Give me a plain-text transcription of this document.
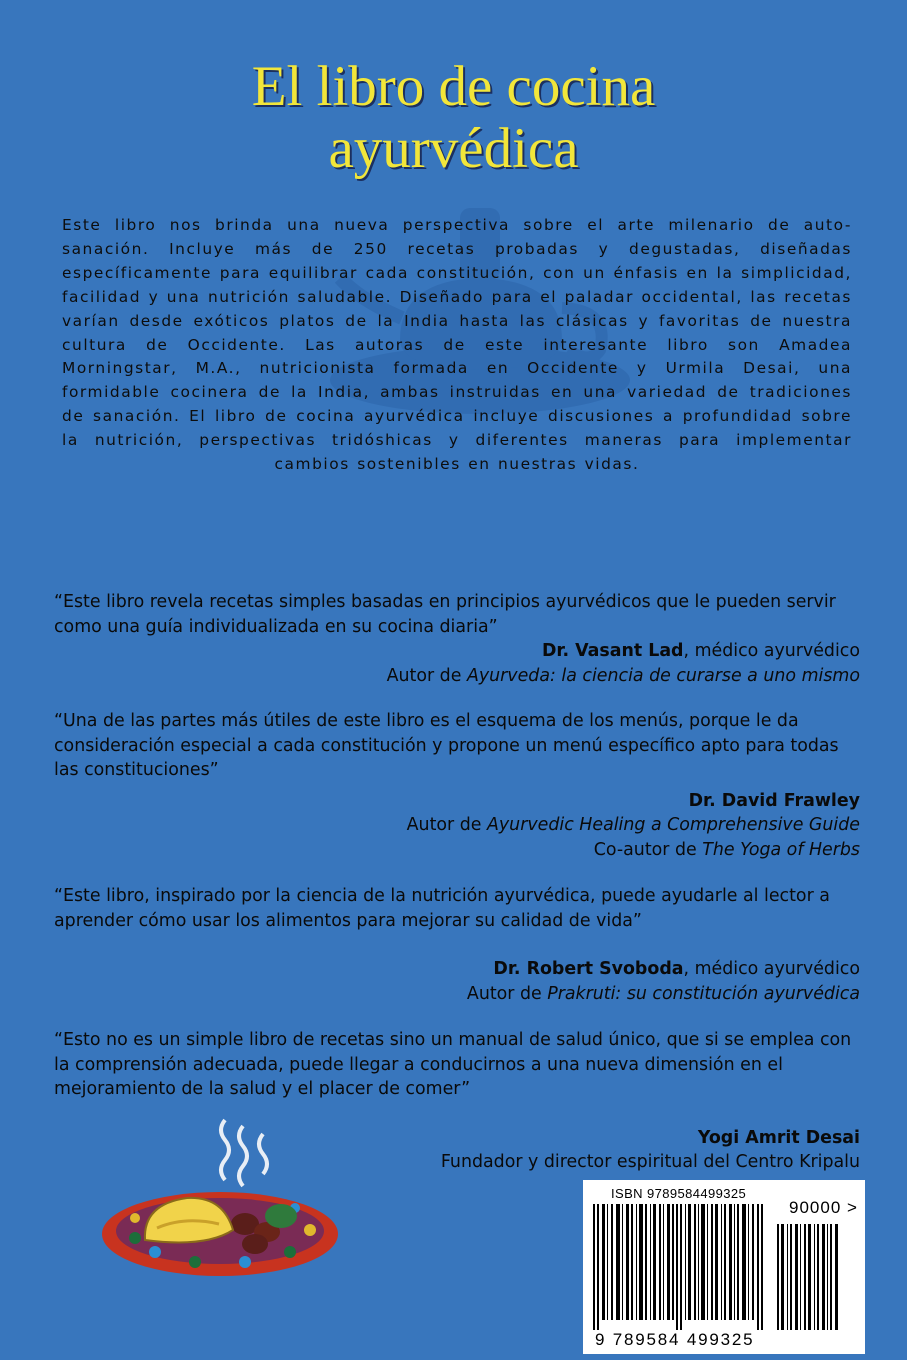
El libro de cocina
ayurvédica

Este libro nos brinda una nueva perspectiva sobre el arte milenario de auto-sanación. Incluye más de 250 recetas probadas y degustadas, diseñadas específicamente para equilibrar cada constitución, con un énfasis en la simplicidad, facilidad y una nutrición saludable. Diseñado para el paladar occidental, las recetas varían desde exóticos platos de la India hasta las clásicas y favoritas de nuestra cultura de Occidente. Las autoras de este interesante libro son Amadea Morningstar, M.A., nutricionista formada en Occidente y Urmila Desai, una formidable cocinera de la India, ambas instruidas en una variedad de tradiciones de sanación. El libro de cocina ayurvédica incluye discusiones a profundidad sobre la nutrición, perspectivas tridóshicas y diferentes maneras para implementar cambios sostenibles en nuestras vidas.

“Este libro revela recetas simples basadas en principios ayurvédicos que le pueden servir como una guía individualizada en su cocina diaria”

Dr. Vasant Lad, médico ayurvédico

Autor de Ayurveda: la ciencia de curarse a uno mismo

“Una de las partes más útiles de este libro es el esquema de los menús, porque le da consideración especial a cada constitución y propone un menú específico apto para todas las constituciones”

Dr. David Frawley

Autor de Ayurvedic Healing a Comprehensive Guide

Co-autor de The Yoga of Herbs

“Este libro, inspirado por la ciencia de la nutrición ayurvédica, puede ayudarle al lector a aprender cómo usar los alimentos para mejorar su calidad de vida”

Dr. Robert Svoboda, médico ayurvédico

Autor de Prakruti: su constitución ayurvédica

“Esto no es un simple libro de recetas sino un manual de salud único, que si se emplea con la comprensión adecuada, puede llegar a conducirnos a una nueva dimensión en el mejoramiento de la salud y el placer de comer”

Yogi Amrit Desai

Fundador y director espiritual del Centro Kripalu

ISBN 9789584499325
90000 >
9 789584 499325
